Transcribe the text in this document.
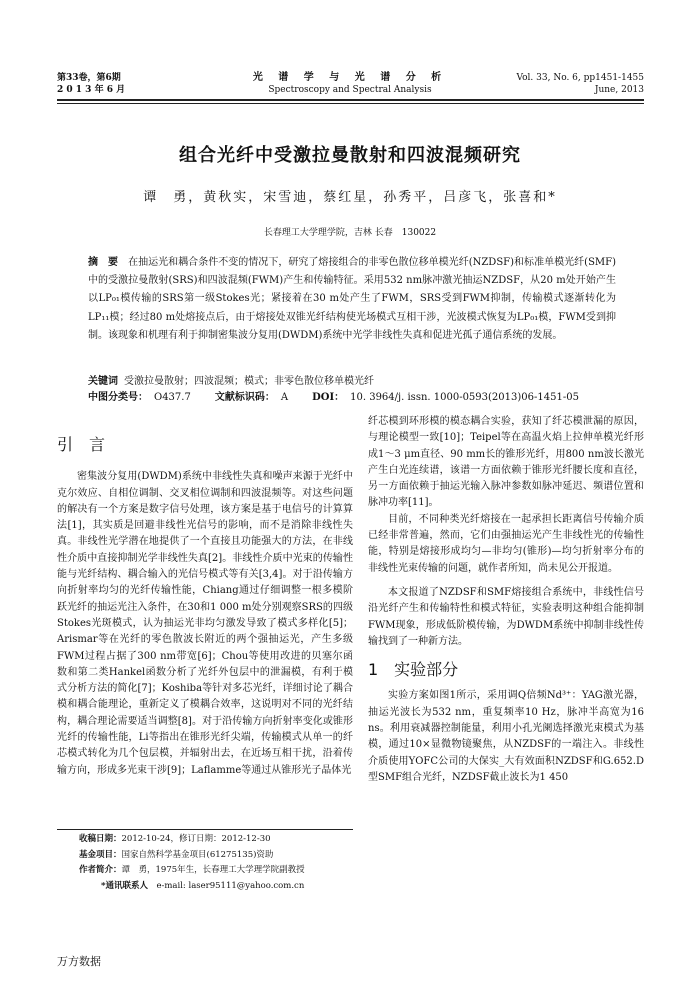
第33卷，第6期
2 0 1 3 年 6 月
光 谱 学 与 光 谱 分 析
Spectroscopy and Spectral Analysis
Vol. 33, No. 6, pp1451-1455
June, 2013
组合光纤中受激拉曼散射和四波混频研究
谭　勇，黄秋实，宋雪迪，蔡红星，孙秀平，吕彦飞，张喜和*
长春理工大学理学院，吉林 长春　130022
摘　要 在抽运光和耦合条件不变的情况下，研究了熔接组合的非零色散位移单模光纤(NZDSF)和标准单模光纤(SMF)中的受激拉曼散射(SRS)和四波混频(FWM)产生和传输特征。采用532 nm脉冲激光抽运NZDSF，从20 m处开始产生以LP₀₁模传输的SRS第一级Stokes光；紧接着在30 m处产生了FWM，SRS受到FWM抑制，传输模式逐渐转化为LP₁₁模；经过80 m处熔接点后，由于熔接处双锥光纤结构使光场模式互相干涉，光波模式恢复为LP₀₁模，FWM受到抑制。该现象和机理有利于抑制密集波分复用(DWDM)系统中光学非线性失真和促进光孤子通信系统的发展。
关键词 受激拉曼散射；四波混频；模式；非零色散位移单模光纤
中图分类号： O437.7 文献标识码： A DOI： 10. 3964/j. issn. 1000-0593(2013)06-1451-05
引　言

密集波分复用(DWDM)系统中非线性失真和噪声来源于光纤中克尔效应、自相位调制、交叉相位调制和四波混频等。对这些问题的解决有一个方案是数字信号处理，该方案是基于电信号的计算算法[1]，其实质是回避非线性光信号的影响，而不是消除非线性失真。非线性光学潜在地提供了一个直接且功能强大的方法，在非线性介质中直接抑制光学非线性失真[2]。非线性介质中光束的传输性能与光纤结构、耦合输入的光信号模式等有关[3,4]。对于沿传输方向折射率均匀的光纤传输性能，Chiang通过仔细调整一根多模阶跃光纤的抽运光注入条件，在30和1 000 m处分别观察SRS的四级Stokes光斑模式，认为抽运光非均匀激发导致了模式多样化[5]；Arismar等在光纤的零色散波长附近的两个强抽运光，产生多级FWM过程占据了300 nm带宽[6]；Chou等使用改进的贝塞尔函数和第二类Hankel函数分析了光纤外包层中的泄漏模，有利于模式分析方法的简化[7]；Koshiba等针对多芯光纤，详细讨论了耦合模和耦合能理论，重新定义了模耦合效率，这说明对不同的光纤结构，耦合理论需要适当调整[8]。对于沿传输方向折射率变化或锥形光纤的传输性能，Li等指出在锥形光纤尖端，传输模式从单一的纤芯模式转化为几个包层模，并辐射出去，在近场互相干扰，沿着传输方向，形成多光束干涉[9]；Laflamme等通过从锥形光子晶体光

纤芯模到环形模的模态耦合实验，获知了纤芯模泄漏的原因，与理论模型一致[10]；Teipel等在高温火焰上拉伸单模光纤形成1～3 μm直径、90 mm长的锥形光纤，用800 nm波长激光产生白光连续谱，该谱一方面依赖于锥形光纤腰长度和直径，另一方面依赖于抽运光输入脉冲参数如脉冲延迟、频谱位置和脉冲功率[11]。

目前，不同种类光纤熔接在一起承担长距离信号传输介质已经非常普遍，然而，它们由强抽运光产生非线性光的传输性能，特别是熔接形成均匀—非均匀(锥形)—均匀折射率分布的非线性光束传输的问题，就作者所知，尚未见公开报道。

本文报道了NZDSF和SMF熔接组合系统中，非线性信号沿光纤产生和传输特性和模式特征，实验表明这种组合能抑制FWM现象，形成低阶模传输，为DWDM系统中抑制非线性传输找到了一种新方法。

1　实验部分

实验方案如图1所示，采用调Q倍频Nd³⁺：YAG激光器，抽运光波长为532 nm，重复频率10 Hz，脉冲半高宽为16 ns。利用衰减器控制能量，利用小孔光阑选择激光束模式为基模，通过10×显微物镜聚焦，从NZDSF的一端注入。非线性介质使用YOFC公司的大保实_大有效面积NZDSF和G.652.D型SMF组合光纤，NZDSF截止波长为1 450

收稿日期：2012-10-24，修订日期：2012-12-30
基金项目：国家自然科学基金项目(61275135)资助
作者简介：谭　勇，1975年生，长春理工大学理学院副教授
*通讯联系人　 e-mail: laser95111@yahoo.com.cn
万方数据
